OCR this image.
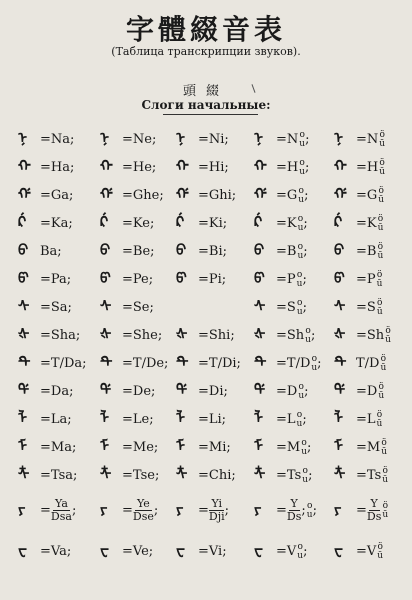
字體綴音表
(Таблица транскрипции звуков).
頭綴
Слоги начальные:
ᠨ =Na; ᠨ =Ne; ᠨ =Ni; ᠨ =N o
u ; ᠨ =N ö
ū
ᠬ =Ha; ᠬ =He; ᠬ =Hi; ᠬ =H o
u ; ᠬ =H ö
ū
ᡤ =Ga; ᡤ =Ghe; ᡤ =Ghi; ᡤ =G o
u ; ᡤ =G ö
ū
ᡬ =Ka; ᡬ =Ke; ᡬ =Ki; ᡬ =K o
u ; ᡬ =K ö
ū
ᠪ Ba;	ᠪ =Be; ᠪ =Bi; ᠪ =B o
u ; ᠪ =B ö
ū
ᡦ =Pa; ᡦ =Pe; ᡦ =Pi; ᡦ =P o
u ; ᡦ =P ö
ū
ᠰ =Sa; ᠰ =Se;	ᠰ =S o
u ; ᠰ =S ö
ū
ᡧ =Sha; ᡧ =She; ᡧ =Shi; ᡧ =Sh o
u ; ᡧ =Sh ö
ū
ᡨ =T/Da; ᡨ =T/De; ᡨ =T/Di; ᡨ =T/D o
u ; ᡨ T/D ö
ū
ᡩ =Da; ᡩ =De; ᡩ =Di; ᡩ =D o
u ; ᡩ =D ö
ū
ᠯ =La; ᠯ =Le; ᠯ =Li; ᠯ =L o
u ; ᠯ =L ö
ū
ᠮ =Ma; ᠮ =Me; ᠮ =Mi; ᠮ =M o
u ; ᠮ =M ö
ū
ᡮ =Tsa; ᡮ =Tse; ᡮ =Chi; ᡮ =Ts o
u ; ᡮ =Ts ö
ū
ᠶ = $\frac{Ya}{\text{Dsa}}$ ; ᠶ = $\frac{Ye}{\text{Dse}}$ ; ᠶ = $\frac{Yi}{\text{Dji}}$ ; ᠶ = $\frac{Y}{Ds}$ ; o
u ; ᠶ = $\frac{Y}{Ds}$ ö
ū
ᠸ =Va; ᠸ =Ve; ᠸ =Vi; ᠸ =V o
u ; ᠸ =V ö
ū
